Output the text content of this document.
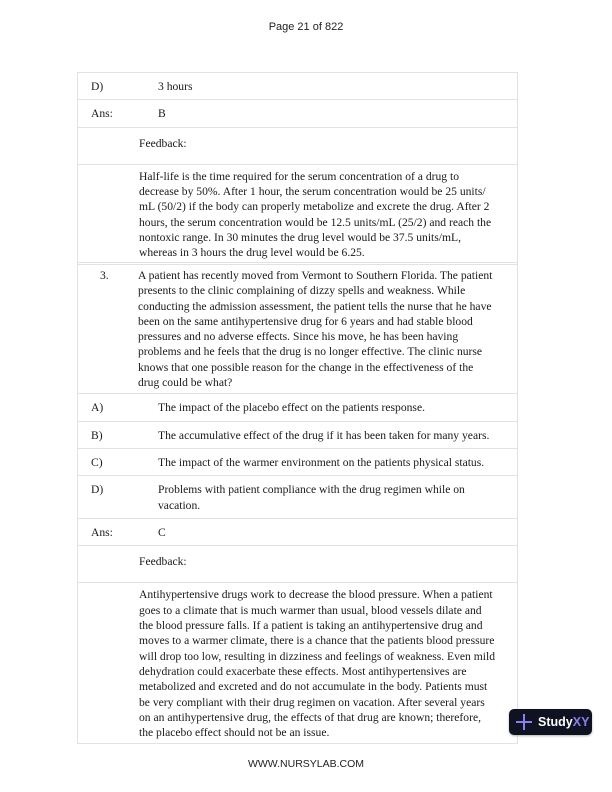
Page 21 of 822
D)	3 hours
Ans:	B
Feedback:
Half-life is the time required for the serum concentration of a drug to decrease by 50%. After 1 hour, the serum concentration would be 25 units/ mL (50/2) if the body can properly metabolize and excrete the drug. After 2 hours, the serum concentration would be 12.5 units/mL (25/2) and reach the nontoxic range. In 30 minutes the drug level would be 37.5 units/mL, whereas in 3 hours the drug level would be 6.25.
3.	A patient has recently moved from Vermont to Southern Florida. The patient presents to the clinic complaining of dizzy spells and weakness. While conducting the admission assessment, the patient tells the nurse that he have been on the same antihypertensive drug for 6 years and had stable blood pressures and no adverse effects. Since his move, he has been having problems and he feels that the drug is no longer effective. The clinic nurse knows that one possible reason for the change in the effectiveness of the drug could be what?
A)	The impact of the placebo effect on the patients response.
B)	The accumulative effect of the drug if it has been taken for many years.
C)	The impact of the warmer environment on the patients physical status.
D)	Problems with patient compliance with the drug regimen while on vacation.
Ans:	C
Feedback:
Antihypertensive drugs work to decrease the blood pressure. When a patient goes to a climate that is much warmer than usual, blood vessels dilate and the blood pressure falls. If a patient is taking an antihypertensive drug and moves to a warmer climate, there is a chance that the patients blood pressure will drop too low, resulting in dizziness and feelings of weakness. Even mild dehydration could exacerbate these effects. Most antihypertensives are metabolized and excreted and do not accumulate in the body. Patients must be very compliant with their drug regimen on vacation. After several years on an antihypertensive drug, the effects of that drug are known; therefore, the placebo effect should not be an issue.
StudyXY
WWW.NURSYLAB.COM
